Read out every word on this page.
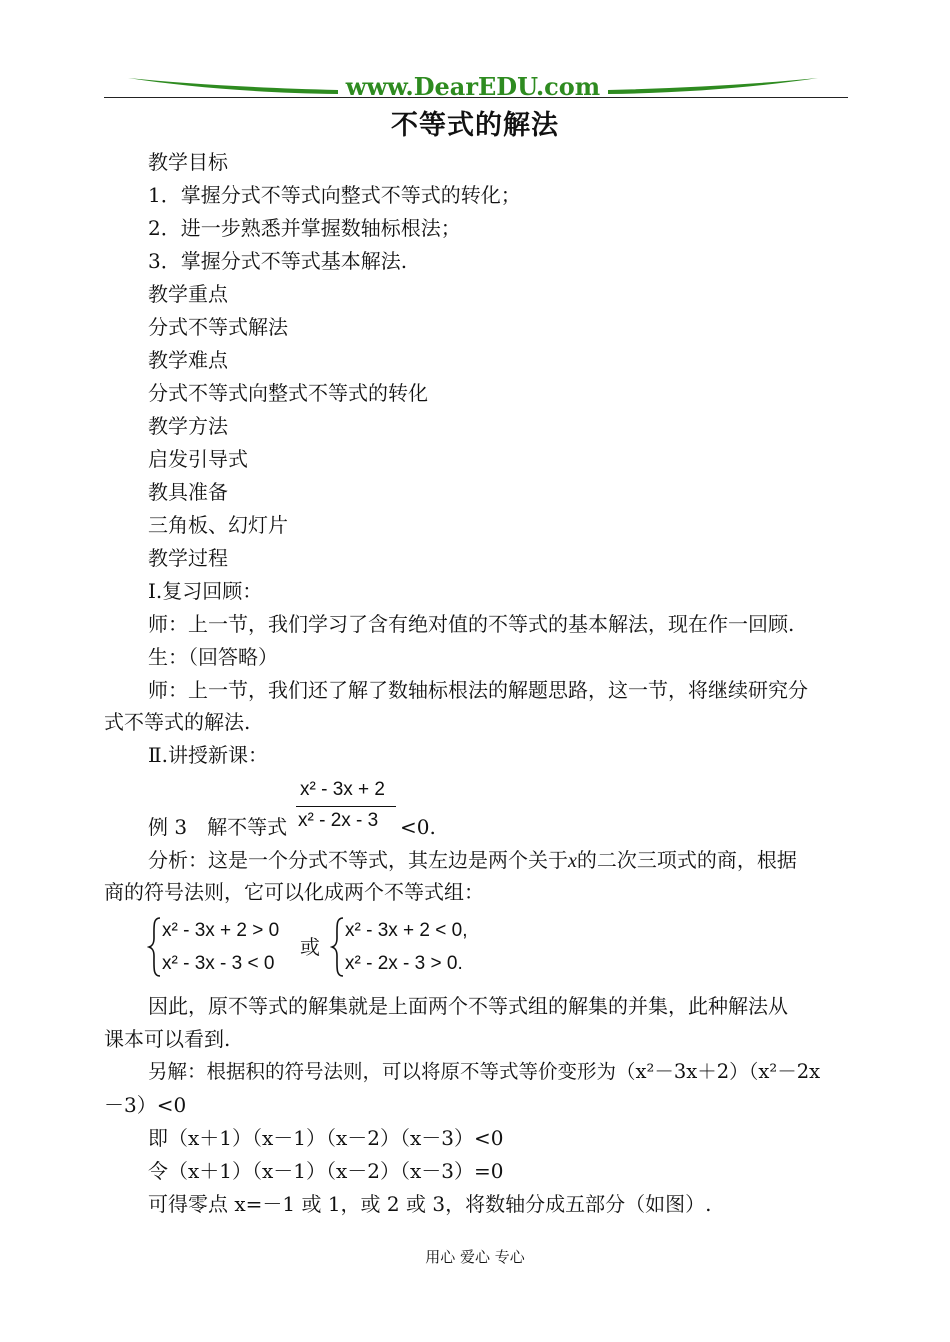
www.DearEDU.com
不等式的解法
教学目标
1．掌握分式不等式向整式不等式的转化；
2．进一步熟悉并掌握数轴标根法；
3．掌握分式不等式基本解法.
教学重点
分式不等式解法
教学难点
分式不等式向整式不等式的转化
教学方法
启发引导式
教具准备
三角板、幻灯片
教学过程
Ⅰ.复习回顾：
师：上一节，我们学习了含有绝对值的不等式的基本解法，现在作一回顾.
生：（回答略）
师：上一节，我们还了解了数轴标根法的解题思路，这一节，将继续研究分
式不等式的解法.
Ⅱ.讲授新课：
例 3　解不等式
x² - 3x + 2
x² - 2x - 3 <0.
分析：这是一个分式不等式，其左边是两个关于x的二次三项式的商，根据
商的符号法则，它可以化成两个不等式组：
x² - 3x + 2 > 0
x² - 3x - 3 < 0
或
x² - 3x + 2 < 0,
x² - 2x - 3 > 0.
因此，原不等式的解集就是上面两个不等式组的解集的并集，此种解法从
课本可以看到.
另解：根据积的符号法则，可以将原不等式等价变形为（x²－3x＋2）（x²－2x
－3）<0
即（x＋1）（x－1）（x－2）（x－3）<0
令（x＋1）（x－1）（x－2）（x－3）=0
可得零点 x=－1 或 1，或 2 或 3，将数轴分成五部分（如图）.
用心 爱心 专心
